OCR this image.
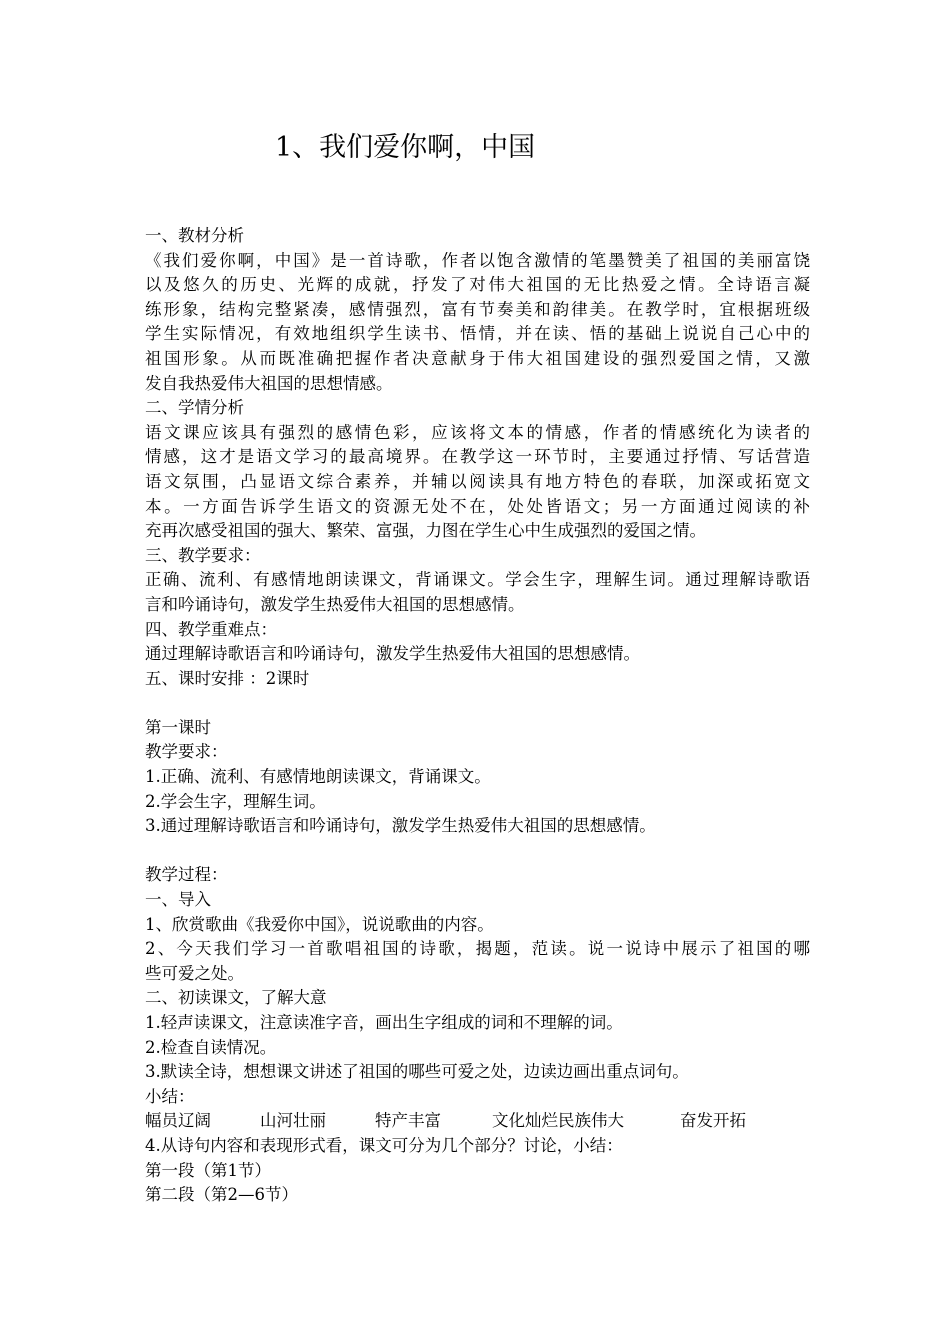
1、我们爱你啊，中国
一、教材分析
《我们爱你啊，中国》是一首诗歌，作者以饱含激情的笔墨赞美了祖国的美丽富饶
以及悠久的历史、光辉的成就，抒发了对伟大祖国的无比热爱之情。全诗语言凝
练形象，结构完整紧凑，感情强烈，富有节奏美和韵律美。在教学时，宜根据班级
学生实际情况，有效地组织学生读书、悟情，并在读、悟的基础上说说自己心中的
祖国形象。从而既准确把握作者决意献身于伟大祖国建设的强烈爱国之情，又激
发自我热爱伟大祖国的思想情感。
二、学情分析
语文课应该具有强烈的感情色彩，应该将文本的情感，作者的情感统化为读者的
情感，这才是语文学习的最高境界。在教学这一环节时，主要通过抒情、写话营造
语文氛围，凸显语文综合素养，并辅以阅读具有地方特色的春联，加深或拓宽文
本。一方面告诉学生语文的资源无处不在，处处皆语文；另一方面通过阅读的补
充再次感受祖国的强大、繁荣、富强，力图在学生心中生成强烈的爱国之情。
三、教学要求：
正确、流利、有感情地朗读课文，背诵课文。学会生字，理解生词。通过理解诗歌语
言和吟诵诗句，激发学生热爱伟大祖国的思想感情。
四、教学重难点：
通过理解诗歌语言和吟诵诗句，激发学生热爱伟大祖国的思想感情。
五、课时安排 ：2课时
第一课时
教学要求：
1.正确、流利、有感情地朗读课文，背诵课文。
2.学会生字，理解生词。
3.通过理解诗歌语言和吟诵诗句，激发学生热爱伟大祖国的思想感情。
教学过程：
一、导入
1、欣赏歌曲《我爱你中国》，说说歌曲的内容。
2、今天我们学习一首歌唱祖国的诗歌，揭题，范读。说一说诗中展示了祖国的哪
些可爱之处。
二、初读课文，了解大意
1.轻声读课文，注意读准字音，画出生字组成的词和不理解的词。
2.检查自读情况。
3.默读全诗，想想课文讲述了祖国的哪些可爱之处，边读边画出重点词句。
小结：
幅员辽阔	山河壮丽	特产丰富	文化灿烂民族伟大	奋发开拓
4.从诗句内容和表现形式看，课文可分为几个部分？讨论，小结：
第一段（第1节）
第二段（第2—6节）
